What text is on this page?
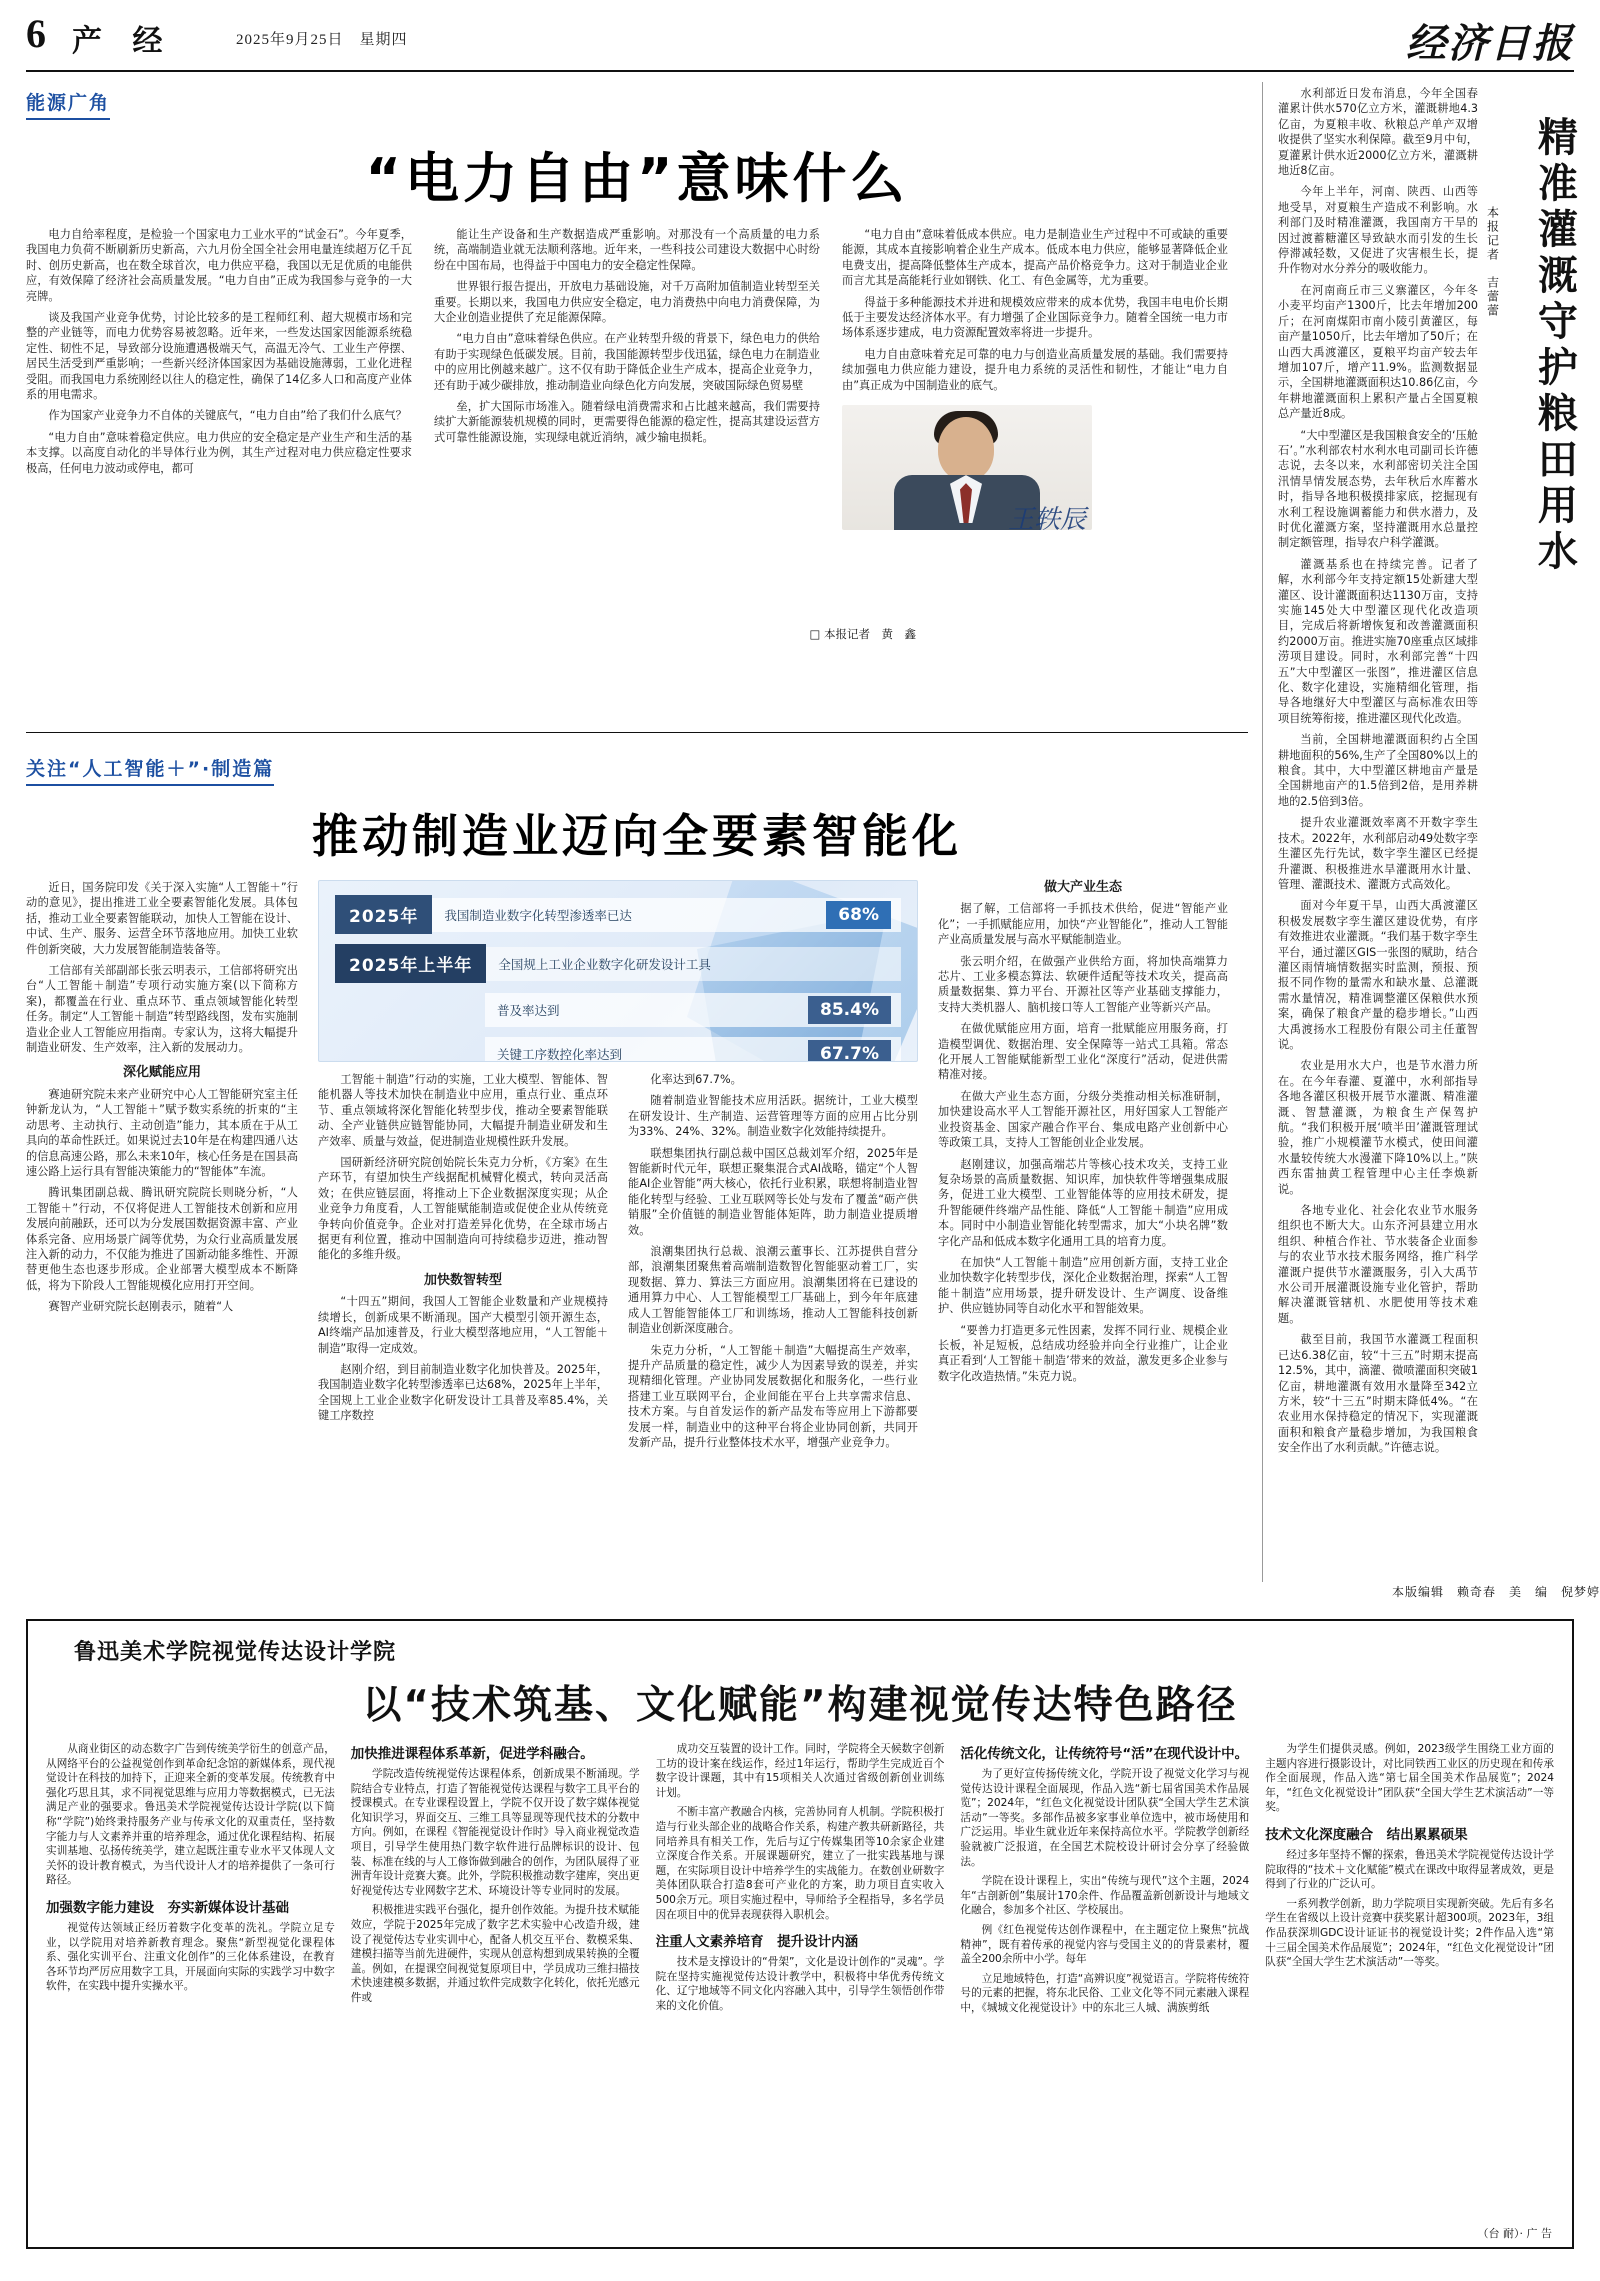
6 产 经	2025年9月25日　星期四	经济日报
能源广角
“电力自由”意味什么

电力自给率程度，是检验一个国家电力工业水平的“试金石”。今年夏季，我国电力负荷不断刷新历史新高，六九月份全国全社会用电量连续超万亿千瓦时、创历史新高，也在数全球首次，电力供应平稳，我国以无足优质的电能供应，有效保障了经济社会高质量发展。“电力自由”正成为我国参与竞争的一大亮牌。

谈及我国产业竞争优势，讨论比较多的是工程师红利、超大规模市场和完整的产业链等，而电力优势容易被忽略。近年来，一些发达国家因能源系统稳定性、韧性不足，导致部分设施遭遇极端天气，高温无冷气、工业生产停摆、居民生活受到严重影响；一些新兴经济体国家因为基础设施薄弱，工业化进程受阻。而我国电力系统刚经以往人的稳定性，确保了14亿多人口和高度产业体系的用电需求。

作为国家产业竞争力不自体的关键底气，“电力自由”给了我们什么底气？

“电力自由”意味着稳定供应。电力供应的安全稳定是产业生产和生活的基本支撑。以高度自动化的半导体行业为例，其生产过程对电力供应稳定性要求极高，任何电力波动或停电，都可

能让生产设备和生产数据造成严重影响。对那没有一个高质量的电力系统，高端制造业就无法顺利落地。近年来，一些科技公司建设大数据中心时纷纷在中国布局，也得益于中国电力的安全稳定性保障。

世界银行报告提出，开放电力基础设施，对千万高附加值制造业转型至关重要。长期以来，我国电力供应安全稳定，电力消费热中向电力消费保障，为大企业创造业提供了充足能源保障。

“电力自由”意味着绿色供应。在产业转型升级的背景下，绿色电力的供给有助于实现绿色低碳发展。目前，我国能源转型步伐迅猛，绿色电力在制造业中的应用比例越来越广。这不仅有助于降低企业生产成本，提高企业竞争力，还有助于减少碳排放，推动制造业向绿色化方向发展，突破国际绿色贸易壁

垒，扩大国际市场准入。随着绿电消费需求和占比越来越高，我们需要持续扩大新能源装机规模的同时，更需要得色能源的稳定性，提高其建设运营方式可靠性能源设施，实现绿电就近消纳，减少输电损耗。

“电力自由”意味着低成本供应。电力是制造业生产过程中不可或缺的重要能源，其成本直接影响着企业生产成本。低成本电力供应，能够显著降低企业电费支出，提高降低整体生产成本，提高产品价格竞争力。这对于制造业企业而言尤其是高能耗行业如钢铁、化工、有色金属等，尤为重要。

得益于多种能源技术并进和规模效应带来的成本优势，我国丰电电价长期低于主要发达经济体水平。有力增强了企业国际竞争力。随着全国统一电力市场体系逐步建成，电力资源配置效率将进一步提升。

电力自由意味着充足可靠的电力与创造业高质量发展的基础。我们需要持续加强电力供应能力建设，提升电力系统的灵活性和韧性，才能让“电力自由”真正成为中国制造业的底气。

王轶辰
关注“人工智能＋”·制造篇
推动制造业迈向全要素智能化

近日，国务院印发《关于深入实施“人工智能＋”行动的意见》，提出推进工业全要素智能化发展。具体包括，推动工业全要素智能联动，加快人工智能在设计、中试、生产、服务、运营全环节落地应用。加快工业软件创新突破，大力发展智能制造装备等。

工信部有关部副部长张云明表示，工信部将研究出台“人工智能＋制造”专项行动实施方案(以下简称方案)，都覆盖在行业、重点环节、重点领域智能化转型任务。制定“人工智能＋制造”转型路线图，发布实施制造业企业人工智能应用指南。专家认为，这将大幅提升制造业研发、生产效率，注入新的发展动力。

深化赋能应用

赛迪研究院未来产业研究中心人工智能研究室主任钟新龙认为，“人工智能＋”赋予数实系统的折束的“主动思考、主动执行、主动创造”能力，其本质在于从工具向的革命性跃迁。如果说过去10年是在构建四通八达的信息高速公路，那么未来10年，核心任务是在国县高速公路上运行具有智能决策能力的“智能体”车流。

腾讯集团副总裁、腾讯研究院院长则晓分析，“人工智能＋”行动，不仅将促进人工智能技术创新和应用发展向前融跃，还可以为分发展国数据资源丰富、产业体系完备、应用场景广阔等优势，为众行业高质量发展注入新的动力，不仅能为推进了国新动能多维性、开源替更他生态也逐步形成。企业部署大模型成本不断降低，将为下阶段人工智能规模化应用打开空间。

赛智产业研究院长赵刚表示，随着“人

2025年	我国制造业数字化转型渗透率已达	68%
2025年上半年	全国规上工业企业数字化研发设计工具
普及率达到	85.4%
关键工序数控化率达到	67.7%

工智能＋制造”行动的实施，工业大模型、智能体、智能机器人等技术加快在制造业中应用，重点行业、重点环节、重点领域将深化智能化转型步伐，推动全要素智能联动、全产业链供应链智能协同，大幅提升制造业研发和生产效率、质量与效益，促进制造业规模性跃升发展。

国研新经济研究院创始院长朱克力分析，《方案》在生产环节，有望加快生产线据配机械臂化模式，转向灵活高效；在供应链层面，将推动上下企业数据深度实现；从企业竞争力角度看，人工智能赋能制造或促使企业从传统竞争转向价值竞争。企业对打造差异化优势，在全球市场占据更有利位置，推动中国制造向可持续稳步迈进，推动智能化的多维升级。

加快数智转型

“十四五”期间，我国人工智能企业数量和产业规模持续增长，创新成果不断涌现。国产大模型引领开源生态，AI终端产品加速普及，行业大模型落地应用，“人工智能＋制造”取得一定成效。

赵刚介绍，到目前制造业数字化加快普及。2025年，我国制造业数字化转型渗透率已达68%，2025年上半年，全国规上工业企业数字化研发设计工具普及率85.4%，关键工序数控

化率达到67.7%。

随着制造业智能技术应用活跃。据统计，工业大模型在研发设计、生产制造、运营管理等方面的应用占比分别为33%、24%、32%。制造业数字化效能持续提升。

联想集团执行副总裁中国区总裁刘军介绍，2025年是智能新时代元年，联想正聚集混合式AI战略，锚定“个人智能AI企业智能”两大核心，依托行业积累，联想将制造业智能化转型与经验、工业互联网等长处与发布了覆盖“砺产供销服”全价值链的制造业智能体矩阵，助力制造业提质增效。

浪潮集团执行总裁、浪潮云董事长、江苏提供自营分部，浪潮集团聚焦着高端制造数智化智能驱动着工厂，实现数据、算力、算法三方面应用。浪潮集团将在已建设的通用算力中心、人工智能模型工厂基础上，到今年年底建成人工智能智能体工厂和训练场，推动人工智能科技创新制造业创新深度融合。

朱克力分析，“人工智能＋制造”大幅提高生产效率，提升产品质量的稳定性，减少人为因素导致的误差，并实现精细化管理。产业协同发展数据化和服务化，一些行业搭建工业互联网平台，企业间能在平台上共享需求信息、技术方案。与自首发运作的新产品发布等应用上下游都要发展一样，制造业中的这种平台将企业协同创新，共同开发新产品，提升行业整体技术水平，增强产业竞争力。

做大产业生态

据了解，工信部将一手抓技术供给，促进“智能产业化”；一手抓赋能应用，加快“产业智能化”，推动人工智能产业高质量发展与高水平赋能制造业。

张云明介绍，在做强产业供给方面，将加快高端算力芯片、工业多模态算法、软硬件适配等技术攻关，提高高质量数据集、算力平台、开源社区等产业基础支撑能力，支持大类机器人、脑机接口等人工智能产业等新兴产品。

在做优赋能应用方面，培育一批赋能应用服务商，打造模型调优、数据治理、安全保障等一站式工具箱。常态化开展人工智能赋能新型工业化“深度行”活动，促进供需精准对接。

在做大产业生态方面，分级分类推动相关标准研制，加快建设高水平人工智能开源社区，用好国家人工智能产业投资基金、国家产融合作平台、集成电路产业创新中心等政策工具，支持人工智能创业企业发展。

赵刚建议，加强高端芯片等核心技术攻关，支持工业复杂场景的高质量数据、知识库，加快软件等增强集成服务，促进工业大模型、工业智能体等的应用技术研发，提升智能硬件终端产品性能、降低“人工智能＋制造”应用成本。同时中小制造业智能化转型需求，加大“小块名牌”数字化产品和低成本数字化通用工具的培育力度。

在加快“人工智能＋制造”应用创新方面，支持工业企业加快数字化转型步伐，深化企业数据治理，探索“人工智能＋制造”应用场景，提升研发设计、生产调度、设备维护、供应链协同等自动化水平和智能效果。

“要善力打造更多元性因素，发挥不同行业、规模企业长板，补足短板，总结成功经验并向全行业推广，让企业真正看到‘人工智能＋制造’带来的效益，激发更多企业参与数字化改造热情。”朱克力说。

□ 本报记者　黄　鑫

水利部近日发布消息，今年全国春灌累计供水570亿立方米，灌溉耕地4.3亿亩，为夏粮丰收、秋粮总产单产双增收提供了坚实水利保障。截至9月中旬，夏灌累计供水近2000亿立方米，灌溉耕地近8亿亩。

今年上半年，河南、陕西、山西等地受旱，对夏粮生产造成不利影响。水利部门及时精准灌溉，我国南方干旱的因过渡蓄糖灌区导致缺水而引发的生长停滞减轻数，又促进了灾害根生长，提升作物对水分养分的吸收能力。

在河南商丘市三义寨灌区，今年冬小麦平均亩产1300斤，比去年增加200斤；在河南煤阳市南小陵引黄灌区，每亩产量1050斤，比去年增加了50斤；在山西大禹渡灌区，夏粮平均亩产较去年增加107斤，增产11.9%。监测数据显示，全国耕地灌溉面积达10.86亿亩，今年耕地灌溉面积上累积产量占全国夏粮总产量近8成。

“大中型灌区是我国粮食安全的‘压舱石’。”水利部农村水利水电司副司长许德志说，去冬以来，水利部密切关注全国汛情旱情发展态势，去年秋后水库蓄水时，指导各地积极摸排家底，挖掘现有水利工程设施调蓄能力和供水潜力，及时优化灌溉方案，坚持灌溉用水总量控制定额管理，指导农户科学灌溉。

灌溉基系也在持续完善。记者了解，水利部今年支持定额15处新建大型灌区、设计灌溉面积达1130万亩，支持实施145处大中型灌区现代化改造项目，完成后将新增恢复和改善灌溉面积约2000万亩。推进实施70座重点区域排涝项目建设。同时，水利部完善“十四五”大中型灌区一张图”，推进灌区信息化、数字化建设，实施精细化管理，指导各地继好大中型灌区与高标准农田等项目统筹衔接，推进灌区现代化改造。

当前，全国耕地灌溉面积约占全国耕地面积的56%,生产了全国80%以上的粮食。其中，大中型灌区耕地亩产量是全国耕地亩产的1.5倍到2倍，是用养耕地的2.5倍到3倍。

提升农业灌溉效率离不开数字孪生技术。2022年，水利部启动49处数字孪生灌区先行先试，数字孪生灌区已经提升灌溉、积极推进水旱灌溉用水计量、管理、灌溉技术、灌溉方式高效化。

面对今年夏干旱，山西大禹渡灌区积极发展数字孪生灌区建设优势，有序有效推进农业灌溉。“我们基于数字孪生平台，通过灌区GIS一张图的赋助，结合灌区雨情墒情数据实时监测，预报、预报不同作物的量需水和缺水量、总灌溉需水量情况，精准调整灌区保粮供水预案，确保了粮食产量的稳步增长。”山西大禹渡扬水工程股份有限公司主任董智说。

农业是用水大户，也是节水潜力所在。在今年春灌、夏灌中，水利部指导各地各灌区积极开展节水灌溉、精准灌溉、智慧灌溉，为粮食生产保驾护航。“我们积极开展‘喷半田’灌溉管理试验，推广小规模灌节水模式，使田间灌水量较传统大水漫灌下降10%以上。”陕西东雷抽黄工程管理中心主任李焕新说。

各地专业化、社会化农业节水服务组织也不断大大。山东齐河县建立用水组织、种植合作社、节水装备企业面参与的农业节水技术服务网络，推广科学灌溉户提供节水灌溉服务，引入大禹节水公司开展灌溉设施专业化管护，帮助解决灌溉管辖机、水肥使用等技术难题。

截至目前，我国节水灌溉工程面积已达6.38亿亩，较“十三五”时期末提高12.5%，其中，滴灌、微喷灌面积突破1亿亩，耕地灌溉有效用水量降至342立方米，较“十三五”时期末降低4%。“在农业用水保持稳定的情况下，实现灌溉面积和粮食产量稳步增加，为我国粮食安全作出了水利贡献。”许德志说。

本报记者　吉蕾蕾 精准灌溉守护粮田用水
本版编辑　赖奇春　美　编　倪梦婷
鲁迅美术学院视觉传达设计学院
以“技术筑基、文化赋能”构建视觉传达特色路径

从商业街区的动态数字广告到传统美学衍生的创意产品，从网络平台的公益视觉创作到革命纪念馆的新媒体系，现代视觉设计在科技的加持下，正迎来全新的变革发展。传统教育中强化巧思且其，求不同视觉思维与应用力等数据模式，已无法满足产业的强要求。鲁迅美术学院视觉传达设计学院(以下简称“学院”)始终秉持服务产业与传承文化的双重责任，坚持数字能力与人文素养并重的培养理念，通过优化课程结构、拓展实训基地、弘扬传统美学，建立起既注重专业水平又体现人文关怀的设计教育模式，为当代设计人才的培养提供了一条可行路径。

加强数字能力建设　夯实新媒体设计基础

视觉传达领域正经历着数字化变革的洗礼。学院立足专业，以学院用对培养新教育理念。聚焦“新型视觉化课程体系、强化实训平台、注重文化创作”的三化体系建设，在教育各环节均严厉应用数字工具，开展面向实际的实践学习中数字软件，在实践中提升实操水平。

加快推进课程体系革新，促进学科融合。

学院改造传统视觉传达课程体系，创新成果不断涌现。学院结合专业特点，打造了智能视觉传达课程与数字工具平台的授课模式。在专业课程设置上，学院不仅开设了数字媒体视觉化知识学习，界面交互、三维工具等显现等现代技术的分数中方向。例如，在课程《智能视觉设计作时》导入商业视觉改造项目，引导学生使用热门数字软件进行品牌标识的设计、包装、标准在线的与人工修饰做到融合的创作，为团队展得了亚洲青年设计竞赛大赛。此外，学院积极推动数字建库，突出更好视觉传达专业网数字艺术、环境设计等专业同时的发展。

积极推进实践平台强化，提升创作效能。为提升技术赋能效应，学院于2025年完成了数字艺术实验中心改造升级，建设了视觉传达专业实训中心，配备人机交互平台、数模采集、建模扫描等当前先进硬件，实现从创意构想到成果转换的全覆盖。例如，在提课空间视觉复原项目中，学员成功三维扫描技术快速建模多数据，并通过软件完成数字化转化，依托光感元件或

成功交互装置的设计工作。同时，学院将全天候数字创新工坊的设计案在线运作，经过1年运行，帮助学生完成近百个数字设计课题，其中有15项相关人次通过省级创新创业训练计划。

不断丰富产教融合内核，完善协同育人机制。学院积极打造与行业头部企业的战略合作关系，构建产教共研新路径，共同培养具有相关工作，先后与辽宁传媒集团等10余家企业建立深度合作关系。开展课题研究，建立了一批实践基地与课题，在实际项目设计中培养学生的实战能力。在数创业研数字美体团队联合打造8套可产业化的方案，助力项目直实收入500余万元。项目实施过程中，导师给予全程指导，多名学员因在项目中的优异表现获得入职机会。

注重人文素养培育　提升设计内涵

技术是支撑设计的“骨架”，文化是设计创作的“灵魂”。学院在坚持实施视觉传达设计教学中，积极将中华优秀传统文化、辽宁地域等不同文化内容融入其中，引导学生领悟创作带来的文化价值。

活化传统文化，让传统符号“活”在现代设计中。

为了更好宣传扬传统文化，学院开设了视觉文化学习与视觉传达设计课程全面展现，作品入选“新七届省国美术作品展览”；2024年，“红色文化视觉设计团队获“全国大学生艺术演活动”一等奖。多部作品被多家事业单位选中，被市场使用和广泛运用。毕业生就业近年来保持高位水平。学院教学创新经验就被广泛报道，在全国艺术院校设计研讨会分享了经验做法。

学院在设计课程上，实出“传统与现代”这个主题，2024年“古剖新创”集展计170余件、作品覆盖新创新设计与地域文化融合，参加多个社区、学校展出。

例《红色视觉传达创作课程中，在主题定位上聚焦“抗战精神”，既有着传承的视觉内容与受国主义的的背景素材，覆盖全200余所中小学。每年

立足地域特色，打造“高辨识度”视觉语言。学院将传统符号的元素的把握，将东北民俗、工业文化等不同元素融入课程中，《城城文化视觉设计》中的东北三人城、满族剪纸

为学生们提供灵感。例如，2023级学生围绕工业方面的主题内容进行摄影设计，对比同铁西工业区的历史现在和传承作全面展现，作品入选“第七届全国美术作品展览”；2024年，“红色文化视觉设计”团队获“全国大学生艺术演活动”一等奖。

技术文化深度融合　结出累累硕果

经过多年坚持不懈的探索，鲁迅美术学院视觉传达设计学院取得的“技术＋文化赋能”模式在课改中取得显著成效，更是得到了行业的广泛认可。

一系列教学创新，助力学院项目实现新突破。先后有多名学生在省级以上设计竞赛中获奖累计超300项。2023年，3组作品获深圳GDC设计证证书的视觉设计奖；2件作品入选“第十三届全国美术作品展览”；2024年，“红色文化视觉设计”团队获“全国大学生艺术演活动”一等奖。

（台 耐）· 广 告
